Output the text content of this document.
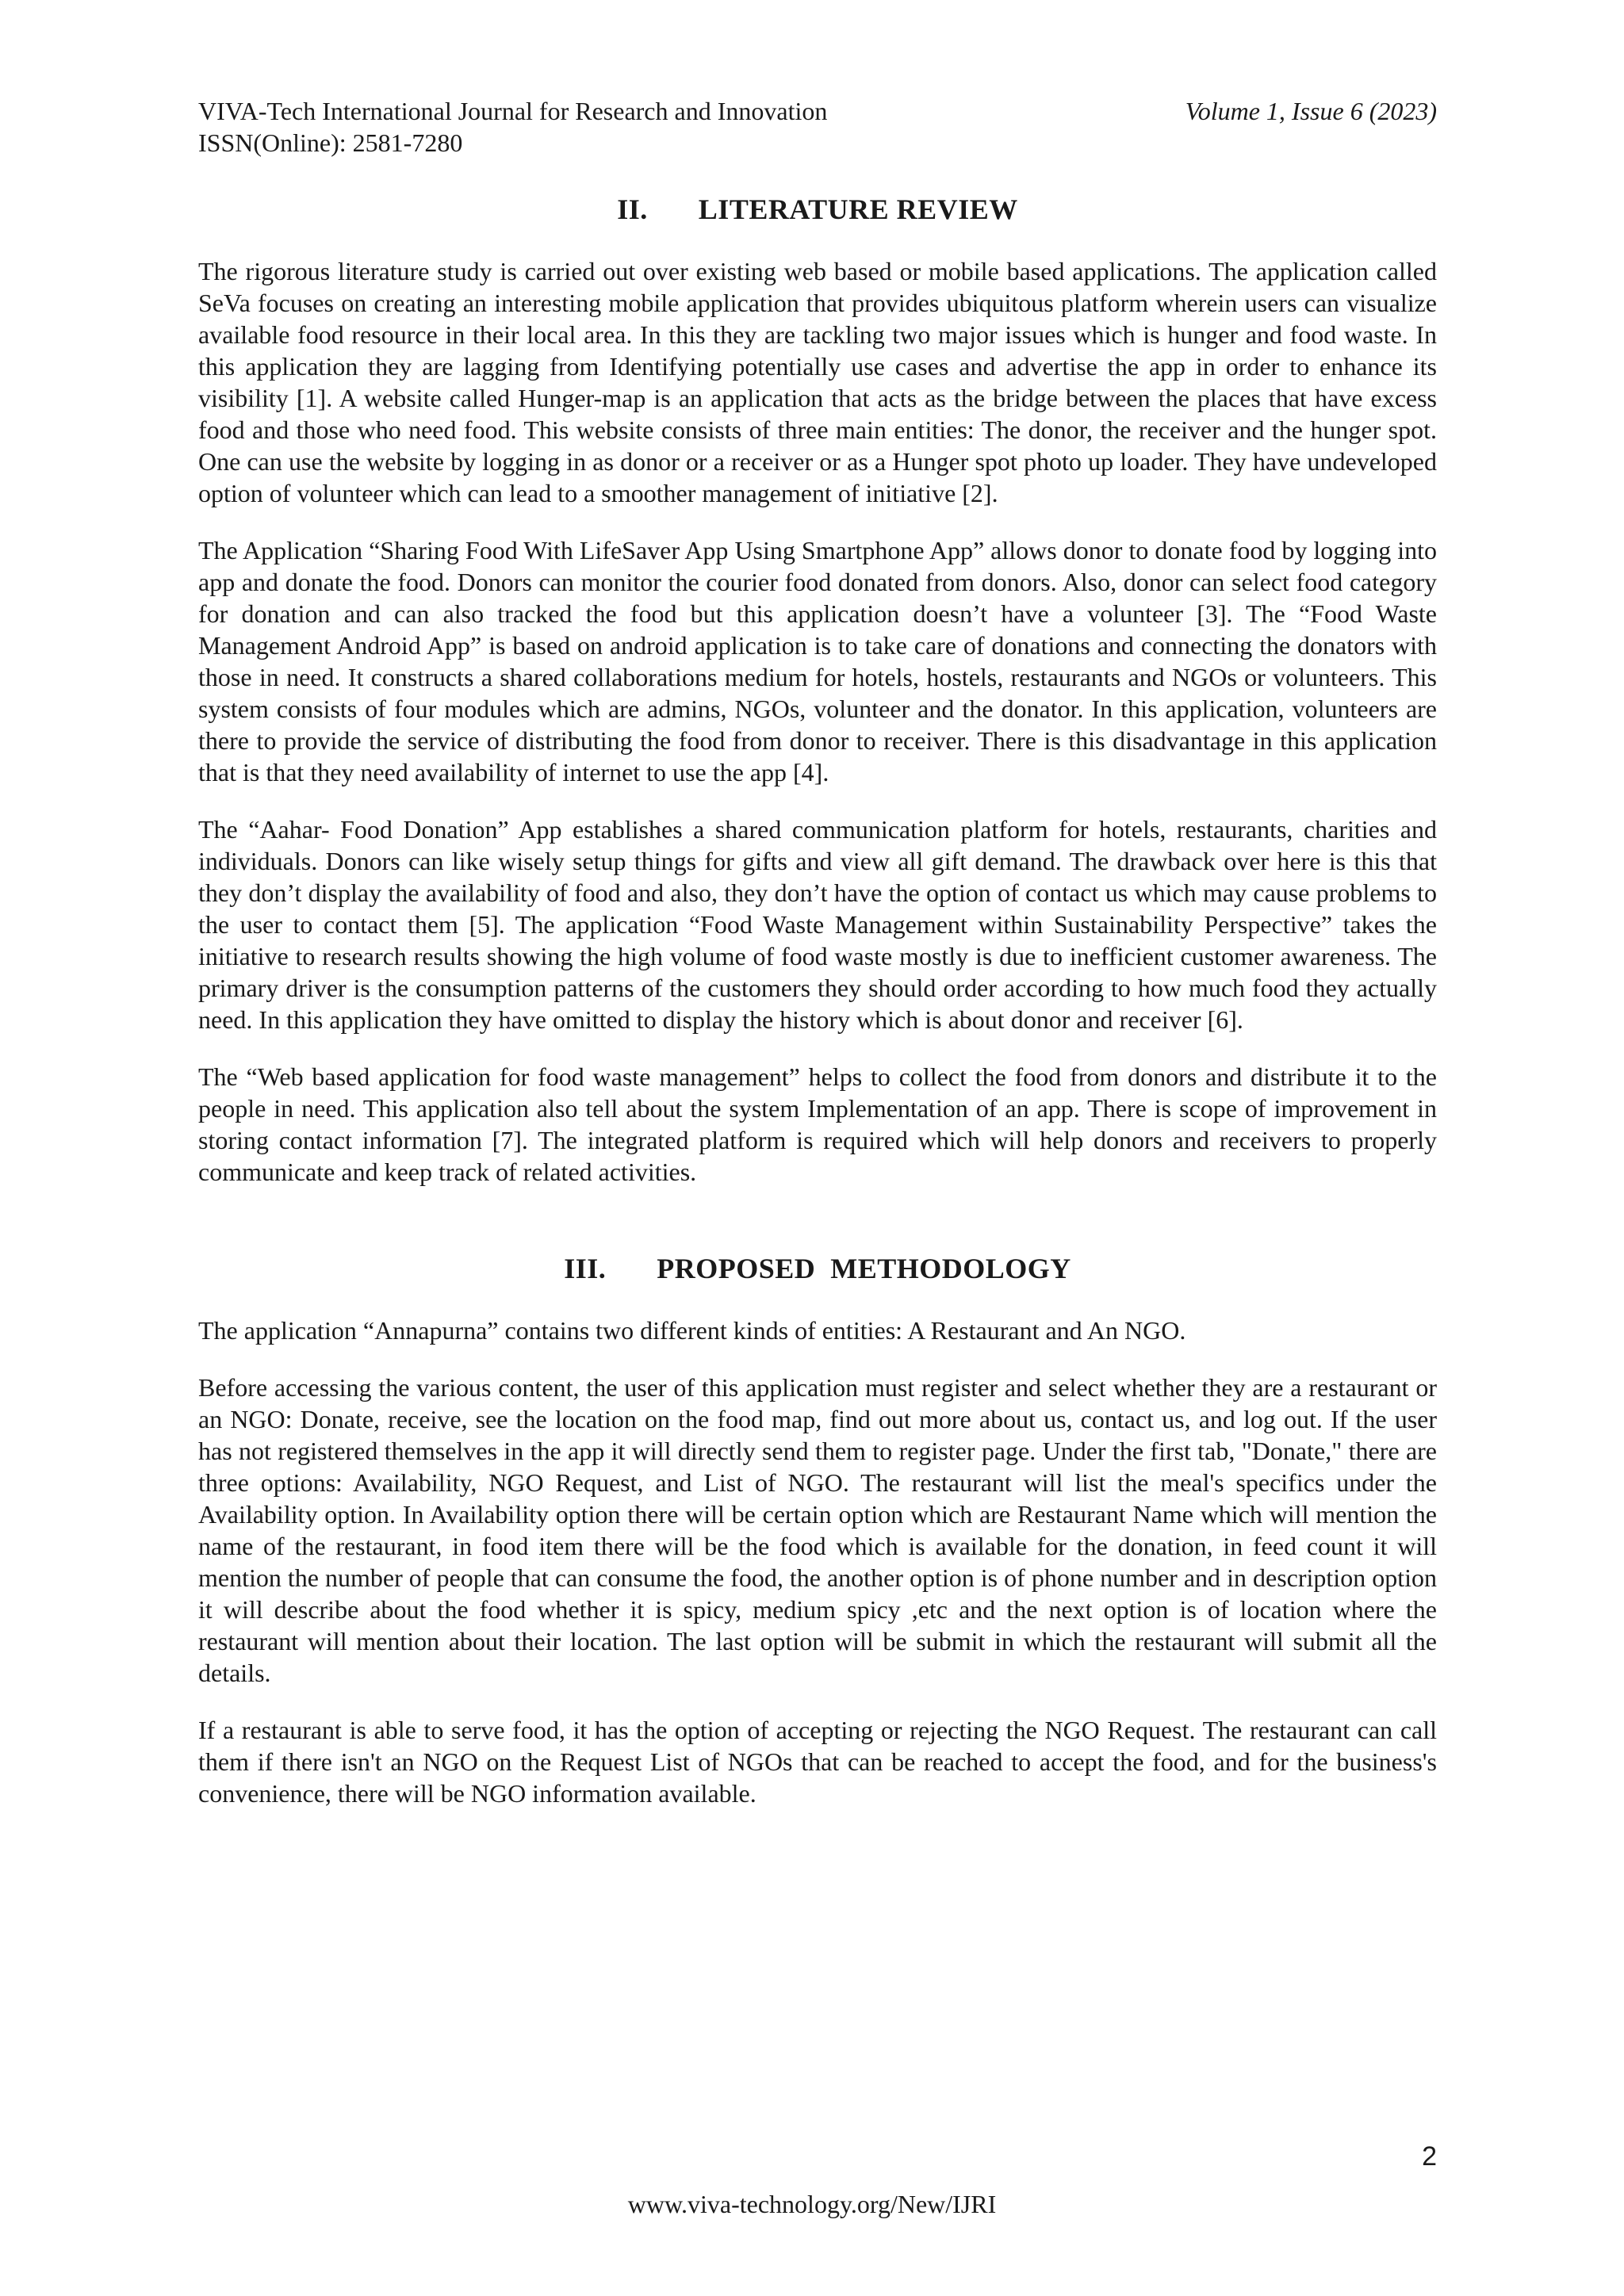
VIVA-Tech International Journal for Research and Innovation
ISSN(Online): 2581-7280
Volume 1, Issue 6 (2023)
II. LITERATURE REVIEW

The rigorous literature study is carried out over existing web based or mobile based applications. The application called SeVa focuses on creating an interesting mobile application that provides ubiquitous platform wherein users can visualize available food resource in their local area. In this they are tackling two major issues which is hunger and food waste. In this application they are lagging from Identifying potentially use cases and advertise the app in order to enhance its visibility [1]. A website called Hunger-map is an application that acts as the bridge between the places that have excess food and those who need food. This website consists of three main entities: The donor, the receiver and the hunger spot. One can use the website by logging in as donor or a receiver or as a Hunger spot photo up loader. They have undeveloped option of volunteer which can lead to a smoother management of initiative [2].

The Application “Sharing Food With LifeSaver App Using Smartphone App” allows donor to donate food by logging into app and donate the food. Donors can monitor the courier food donated from donors. Also, donor can select food category for donation and can also tracked the food but this application doesn’t have a volunteer [3]. The “Food Waste Management Android App” is based on android application is to take care of donations and connecting the donators with those in need. It constructs a shared collaborations medium for hotels, hostels, restaurants and NGOs or volunteers. This system consists of four modules which are admins, NGOs, volunteer and the donator. In this application, volunteers are there to provide the service of distributing the food from donor to receiver. There is this disadvantage in this application that is that they need availability of internet to use the app [4].

The “Aahar- Food Donation” App establishes a shared communication platform for hotels, restaurants, charities and individuals. Donors can like wisely setup things for gifts and view all gift demand. The drawback over here is this that they don’t display the availability of food and also, they don’t have the option of contact us which may cause problems to the user to contact them [5]. The application “Food Waste Management within Sustainability Perspective” takes the initiative to research results showing the high volume of food waste mostly is due to inefficient customer awareness. The primary driver is the consumption patterns of the customers they should order according to how much food they actually need. In this application they have omitted to display the history which is about donor and receiver [6].

The “Web based application for food waste management” helps to collect the food from donors and distribute it to the people in need. This application also tell about the system Implementation of an app. There is scope of improvement in storing contact information [7]. The integrated platform is required which will help donors and receivers to properly communicate and keep track of related activities.

III. PROPOSED  METHODOLOGY

The application “Annapurna” contains two different kinds of entities: A Restaurant and An NGO.

Before accessing the various content, the user of this application must register and select whether they are a restaurant or an NGO: Donate, receive, see the location on the food map, find out more about us, contact us, and log out. If the user has not registered themselves in the app it will directly send them to register page. Under the first tab, "Donate," there are three options: Availability, NGO Request, and List of NGO. The restaurant will list the meal's specifics under the Availability option. In Availability option there will be certain option which are Restaurant Name which will mention the name of the restaurant, in food item there will be the food which is available for the donation, in feed count it will mention the number of people that can consume the food, the another option is of phone number and in description option it will describe about the food whether it is spicy, medium spicy ,etc and the next option is of location where the restaurant will mention about their location. The last option will be submit in which the restaurant will submit all the details.

If a restaurant is able to serve food, it has the option of accepting or rejecting the NGO Request. The restaurant can call them if there isn't an NGO on the Request List of NGOs that can be reached to accept the food, and for the business's convenience, there will be NGO information available.

2
www.viva-technology.org/New/IJRI
